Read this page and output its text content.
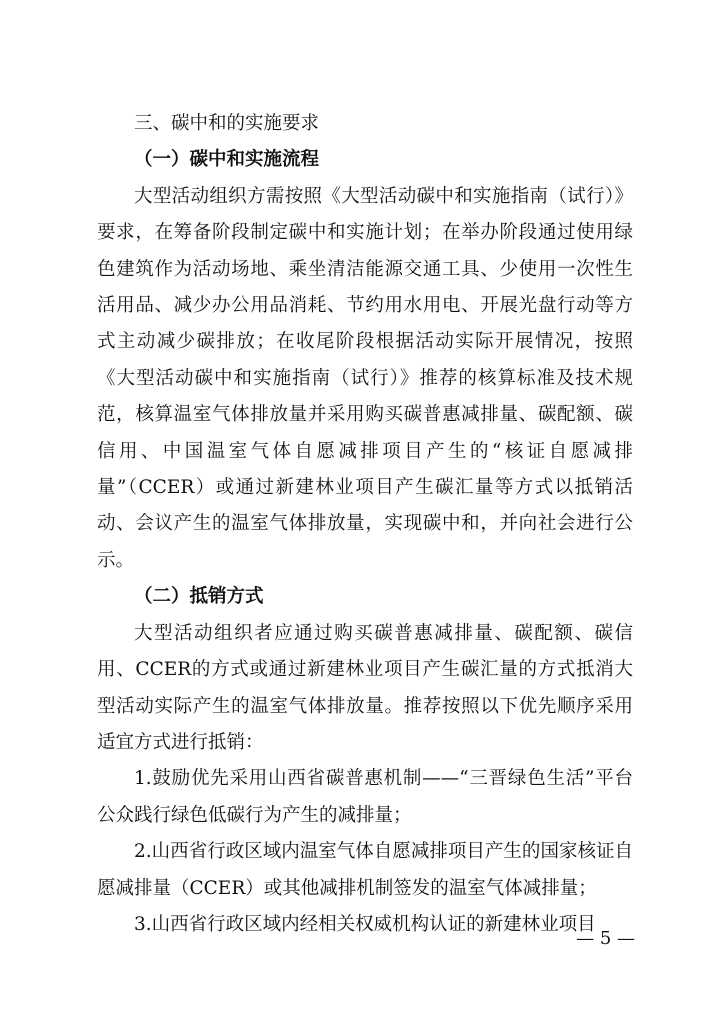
三、碳中和的实施要求

（一）碳中和实施流程

大型活动组织方需按照《大型活动碳中和实施指南（试行）》要求，在筹备阶段制定碳中和实施计划；在举办阶段通过使用绿色建筑作为活动场地、乘坐清洁能源交通工具、少使用一次性生活用品、减少办公用品消耗、节约用水用电、开展光盘行动等方式主动减少碳排放；在收尾阶段根据活动实际开展情况，按照《大型活动碳中和实施指南（试行）》推荐的核算标准及技术规范，核算温室气体排放量并采用购买碳普惠减排量、碳配额、碳信用、中国温室气体自愿减排项目产生的“核证自愿减排量”（CCER）或通过新建林业项目产生碳汇量等方式以抵销活动、会议产生的温室气体排放量，实现碳中和，并向社会进行公示。

（二）抵销方式

大型活动组织者应通过购买碳普惠减排量、碳配额、碳信用、CCER的方式或通过新建林业项目产生碳汇量的方式抵消大型活动实际产生的温室气体排放量。推荐按照以下优先顺序采用适宜方式进行抵销：

1.鼓励优先采用山西省碳普惠机制——“三晋绿色生活”平台公众践行绿色低碳行为产生的减排量；

2.山西省行政区域内温室气体自愿减排项目产生的国家核证自愿减排量（CCER）或其他减排机制签发的温室气体减排量；

3.山西省行政区域内经相关权威机构认证的新建林业项目

— 5 —
